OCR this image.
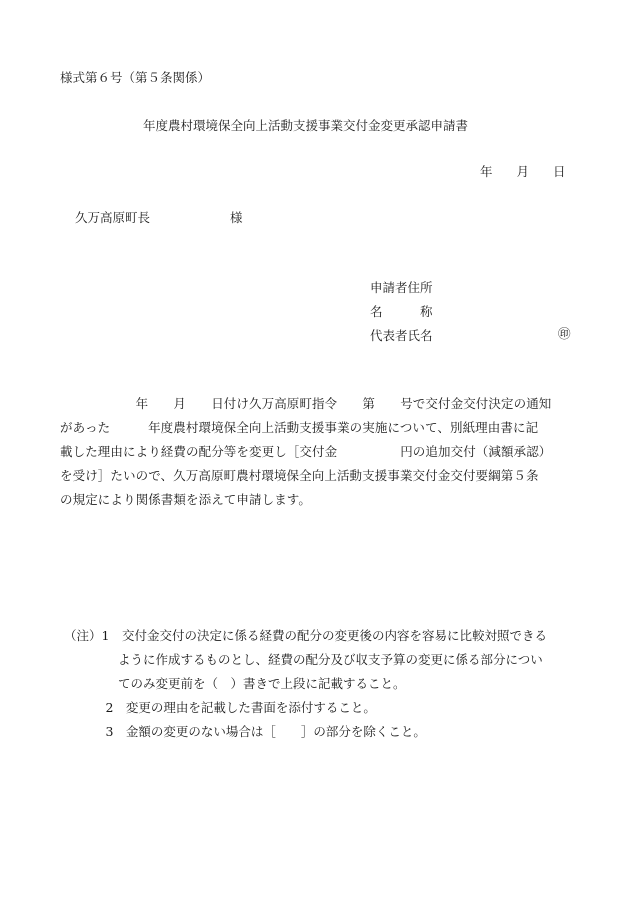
様式第６号（第５条関係）
年度農村環境保全向上活動支援事業交付金変更承認申請書
年 月 日
久万高原町長	様
申請者住所
名　　　称
代表者氏名	㊞

　　　　　　年　　月　　日付け久万高原町指令　　第　　号で交付金交付決定の通知

があった　　　年度農村環境保全向上活動支援事業の実施について、別紙理由書に記

載した理由により経費の配分等を変更し［交付金　　　　　円の追加交付（減額承認）

を受け］たいので、久万高原町農村環境保全向上活動支援事業交付金交付要綱第５条

の規定により関係書類を添えて申請します。

（注）1　交付金交付の決定に係る経費の配分の変更後の内容を容易に比較対照できる

　　　　 ように作成するものとし、経費の配分及び収支予算の変更に係る部分につい

　　　　 てのみ変更前を（　）書きで上段に記載すること。

　　　 2　変更の理由を記載した書面を添付すること。

　　　 3　金額の変更のない場合は［　　］の部分を除くこと。
